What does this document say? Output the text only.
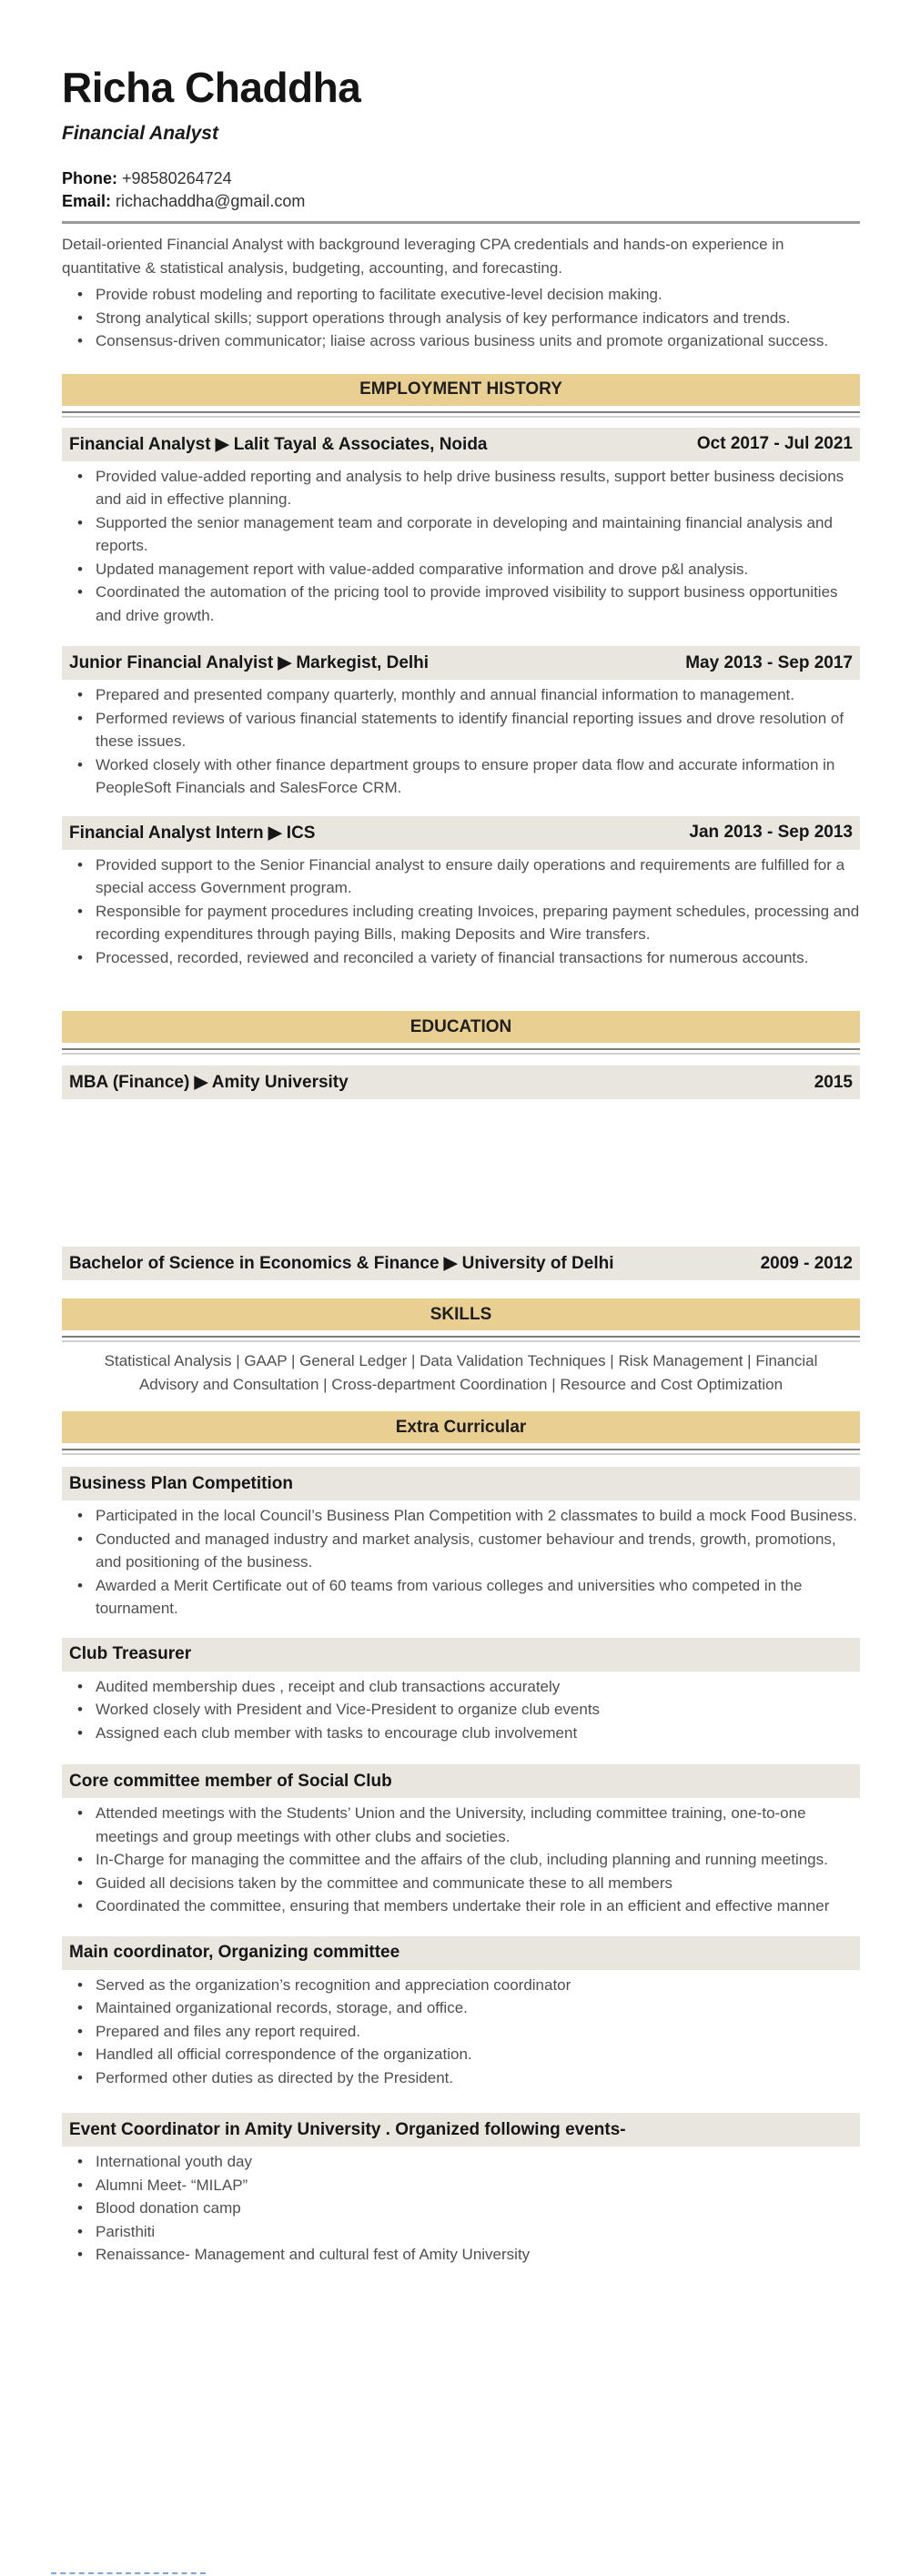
Richa Chaddha
Financial Analyst
Phone: +98580264724
Email: richachaddha@gmail.com

Detail-oriented Financial Analyst with background leveraging CPA credentials and hands-on experience in quantitative & statistical analysis, budgeting, accounting, and forecasting.

• Provide robust modeling and reporting to facilitate executive-level decision making.
• Strong analytical skills; support operations through analysis of key performance indicators and trends.
• Consensus-driven communicator; liaise across various business units and promote organizational success.
EMPLOYMENT HISTORY
Financial Analyst ▶ Lalit Tayal & Associates, Noida	Oct 2017 - Jul 2021
• Provided value-added reporting and analysis to help drive business results, support better business decisions and aid in effective planning.
• Supported the senior management team and corporate in developing and maintaining financial analysis and reports.
• Updated management report with value-added comparative information and drove p&l analysis.
• Coordinated the automation of the pricing tool to provide improved visibility to support business opportunities and drive growth.
Junior Financial Analyist ▶ Markegist, Delhi	May 2013 - Sep 2017
• Prepared and presented company quarterly, monthly and annual financial information to management.
• Performed reviews of various financial statements to identify financial reporting issues and drove resolution of these issues.
• Worked closely with other finance department groups to ensure proper data flow and accurate information in PeopleSoft Financials and SalesForce CRM.
Financial Analyst Intern ▶ ICS	Jan 2013 - Sep 2013
• Provided support to the Senior Financial analyst to ensure daily operations and requirements are fulfilled for a special access Government program.
• Responsible for payment procedures including creating Invoices, preparing payment schedules, processing and recording expenditures through paying Bills, making Deposits and Wire transfers.
• Processed, recorded, reviewed and reconciled a variety of financial transactions for numerous accounts.
EDUCATION
MBA (Finance) ▶ Amity University	2015
Bachelor of Science in Economics & Finance ▶ University of Delhi	2009 - 2012
SKILLS
Statistical Analysis | GAAP | General Ledger | Data Validation Techniques | Risk Management | Financial Advisory and Consultation | Cross-department Coordination | Resource and Cost Optimization
Extra Curricular
Business Plan Competition
• Participated in the local Council’s Business Plan Competition with 2 classmates to build a mock Food Business.
• Conducted and managed industry and market analysis, customer behaviour and trends, growth, promotions, and positioning of the business.
• Awarded a Merit Certificate out of 60 teams from various colleges and universities who competed in the tournament.
Club Treasurer
• Audited membership dues , receipt and club transactions accurately
• Worked closely with President and Vice-President to organize club events
• Assigned each club member with tasks to encourage club involvement
Core committee member of Social Club
• Attended meetings with the Students’ Union and the University, including committee training, one-to-one meetings and group meetings with other clubs and societies.
• In-Charge for managing the committee and the affairs of the club, including planning and running meetings.
• Guided all decisions taken by the committee and communicate these to all members
• Coordinated the committee, ensuring that members undertake their role in an efficient and effective manner
Main coordinator, Organizing committee
• Served as the organization’s recognition and appreciation coordinator
• Maintained organizational records, storage, and office.
• Prepared and files any report required.
• Handled all official correspondence of the organization.
• Performed other duties as directed by the President.
Event Coordinator in Amity University . Organized following events-
• International youth day
• Alumni Meet- “MILAP”
• Blood donation camp
• Paristhiti
• Renaissance- Management and cultural fest of Amity University
